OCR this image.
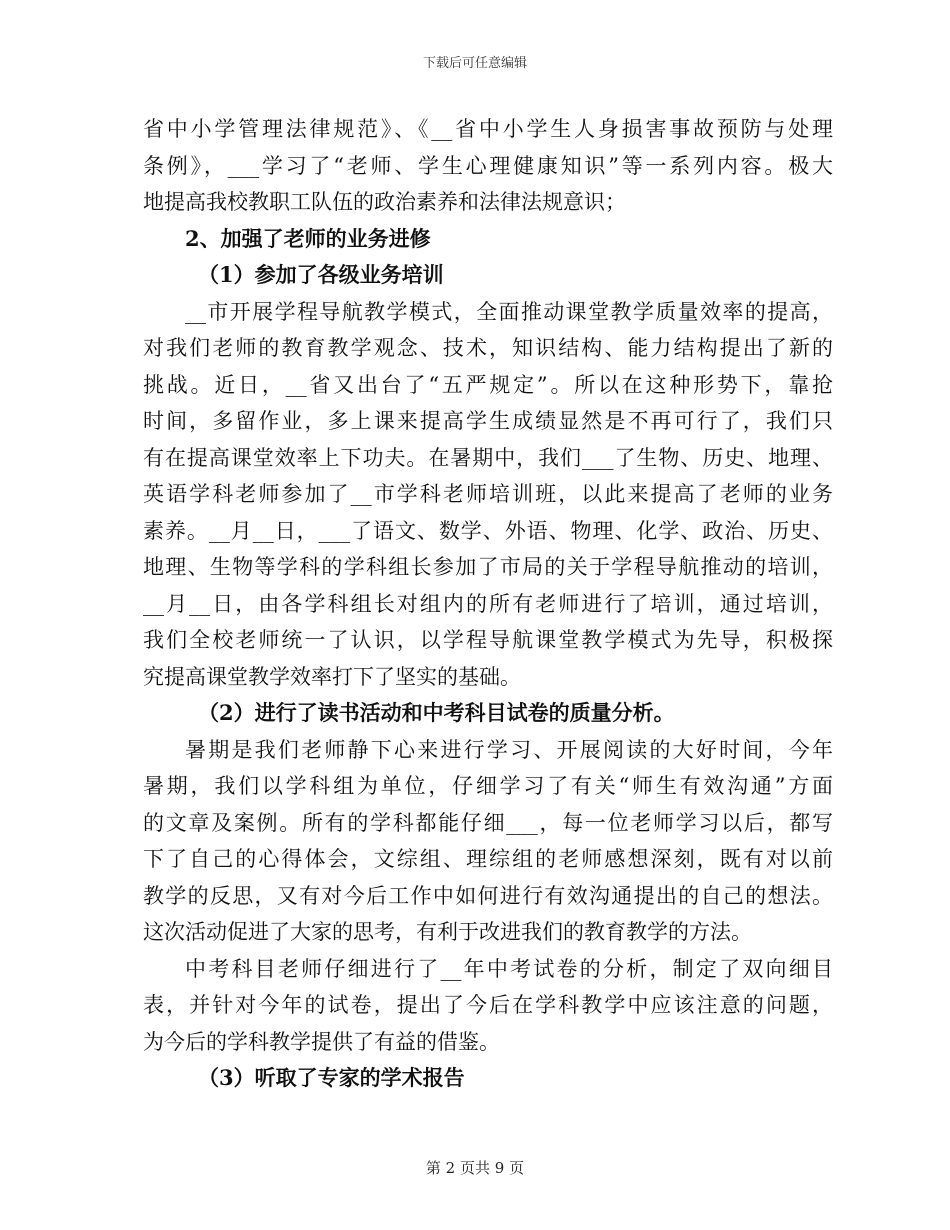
下载后可任意编辑
省中小学管理法律规范》、《__省中小学生人身损害事故预防与处理
条例》，___学习了“老师、学生心理健康知识”等一系列内容。极大
地提高我校教职工队伍的政治素养和法律法规意识；
2、加强了老师的业务进修
（1）参加了各级业务培训
__市开展学程导航教学模式，全面推动课堂教学质量效率的提高，
对我们老师的教育教学观念、技术，知识结构、能力结构提出了新的
挑战。近日，__省又出台了“五严规定”。所以在这种形势下，靠抢
时间，多留作业，多上课来提高学生成绩显然是不再可行了，我们只
有在提高课堂效率上下功夫。在暑期中，我们___了生物、历史、地理、
英语学科老师参加了__市学科老师培训班，以此来提高了老师的业务
素养。__月__日，___了语文、数学、外语、物理、化学、政治、历史、
地理、生物等学科的学科组长参加了市局的关于学程导航推动的培训，
__月__日，由各学科组长对组内的所有老师进行了培训，通过培训，
我们全校老师统一了认识，以学程导航课堂教学模式为先导，积极探
究提高课堂教学效率打下了坚实的基础。
（2）进行了读书活动和中考科目试卷的质量分析。
暑期是我们老师静下心来进行学习、开展阅读的大好时间，今年
暑期，我们以学科组为单位，仔细学习了有关“师生有效沟通”方面
的文章及案例。所有的学科都能仔细___，每一位老师学习以后，都写
下了自己的心得体会，文综组、理综组的老师感想深刻，既有对以前
教学的反思，又有对今后工作中如何进行有效沟通提出的自己的想法。
这次活动促进了大家的思考，有利于改进我们的教育教学的方法。
中考科目老师仔细进行了__年中考试卷的分析，制定了双向细目
表，并针对今年的试卷，提出了今后在学科教学中应该注意的问题，
为今后的学科教学提供了有益的借鉴。
（3）听取了专家的学术报告
第 2 页共 9 页
